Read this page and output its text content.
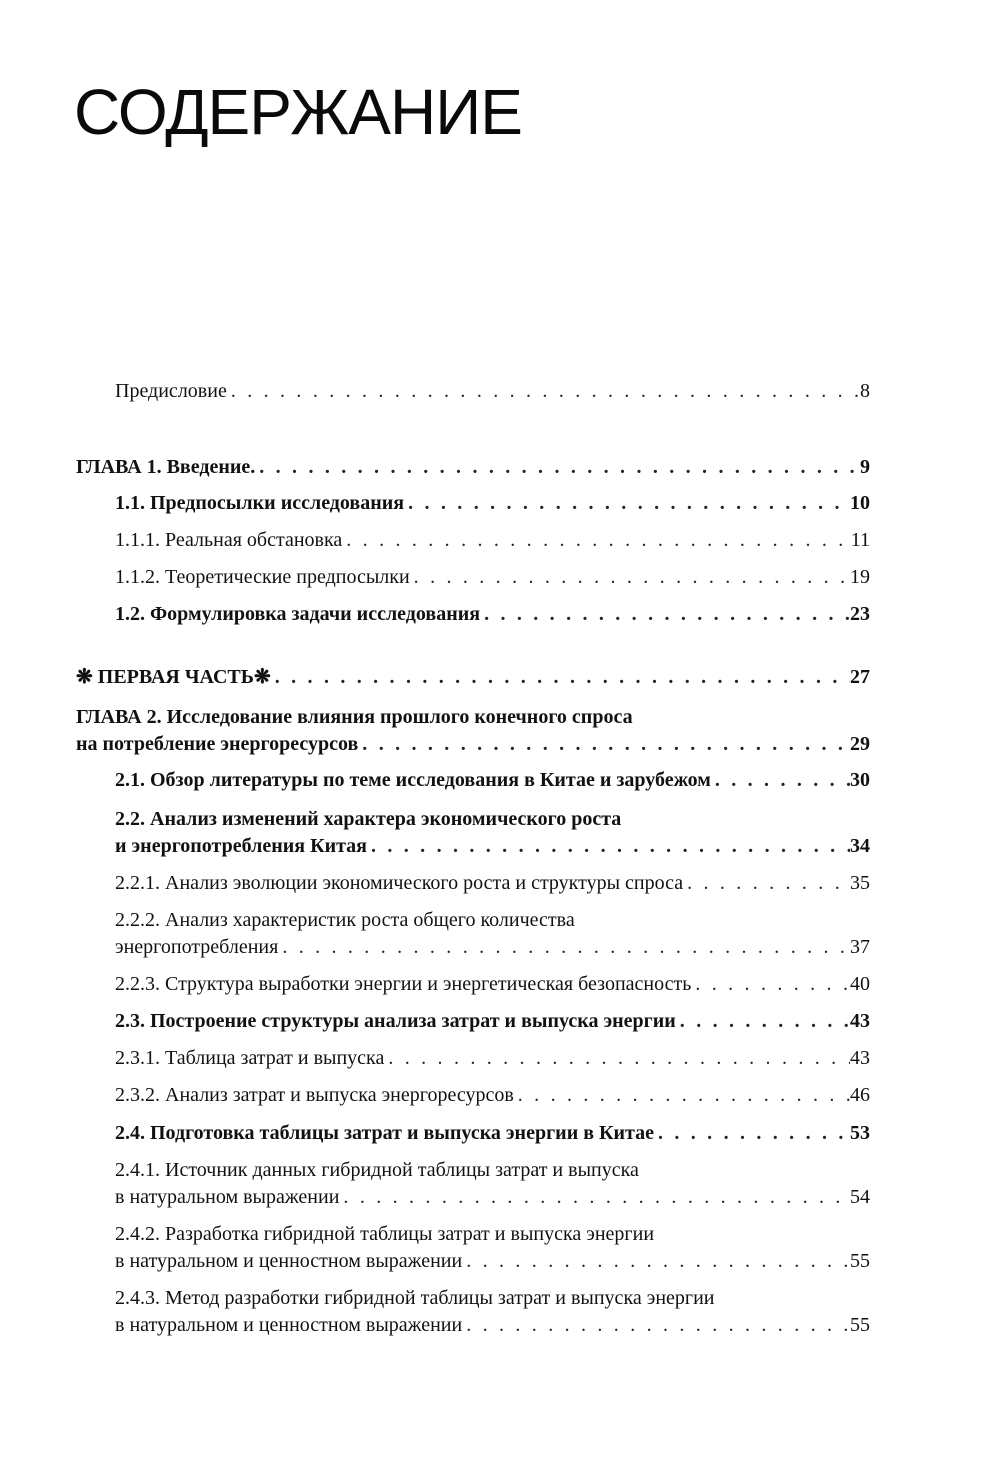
СОДЕРЖАНИЕ
Предисловие . . .	8
ГЛАВА 1. Введение. . . .	9
1.1. Предпосылки исследования . . .	10
1.1.1. Реальная обстановка . . .	11
1.1.2. Теоретические предпосылки . . .	19
1.2. Формулировка задачи исследования . . .	23
❋ ПЕРВАЯ ЧАСТЬ❋ . . .	27
ГЛАВА 2. Исследование влияния прошлого конечного спроса
на потребление энергоресурсов . . .	29
2.1. Обзор литературы по теме исследования в Китае и зарубежом . . .	30
2.2. Анализ изменений характера экономического роста
и энергопотребления Китая . . .	34
2.2.1. Анализ эволюции экономического роста и структуры спроса . . .	35
2.2.2. Анализ характеристик роста общего количества
энергопотребления . . .	37
2.2.3. Структура выработки энергии и энергетическая безопасность . . .	40
2.3. Построение структуры анализа затрат и выпуска энергии . . .	43
2.3.1. Таблица затрат и выпуска . . .	43
2.3.2. Анализ затрат и выпуска энергоресурсов . . .	46
2.4. Подготовка таблицы затрат и выпуска энергии в Китае . . .	53
2.4.1. Источник данных гибридной таблицы затрат и выпуска
в натуральном выражении . . .	54
2.4.2. Разработка гибридной таблицы затрат и выпуска энергии
в натуральном и ценностном выражении . . .	55
2.4.3. Метод разработки гибридной таблицы затрат и выпуска энергии
в натуральном и ценностном выражении . . .	55
